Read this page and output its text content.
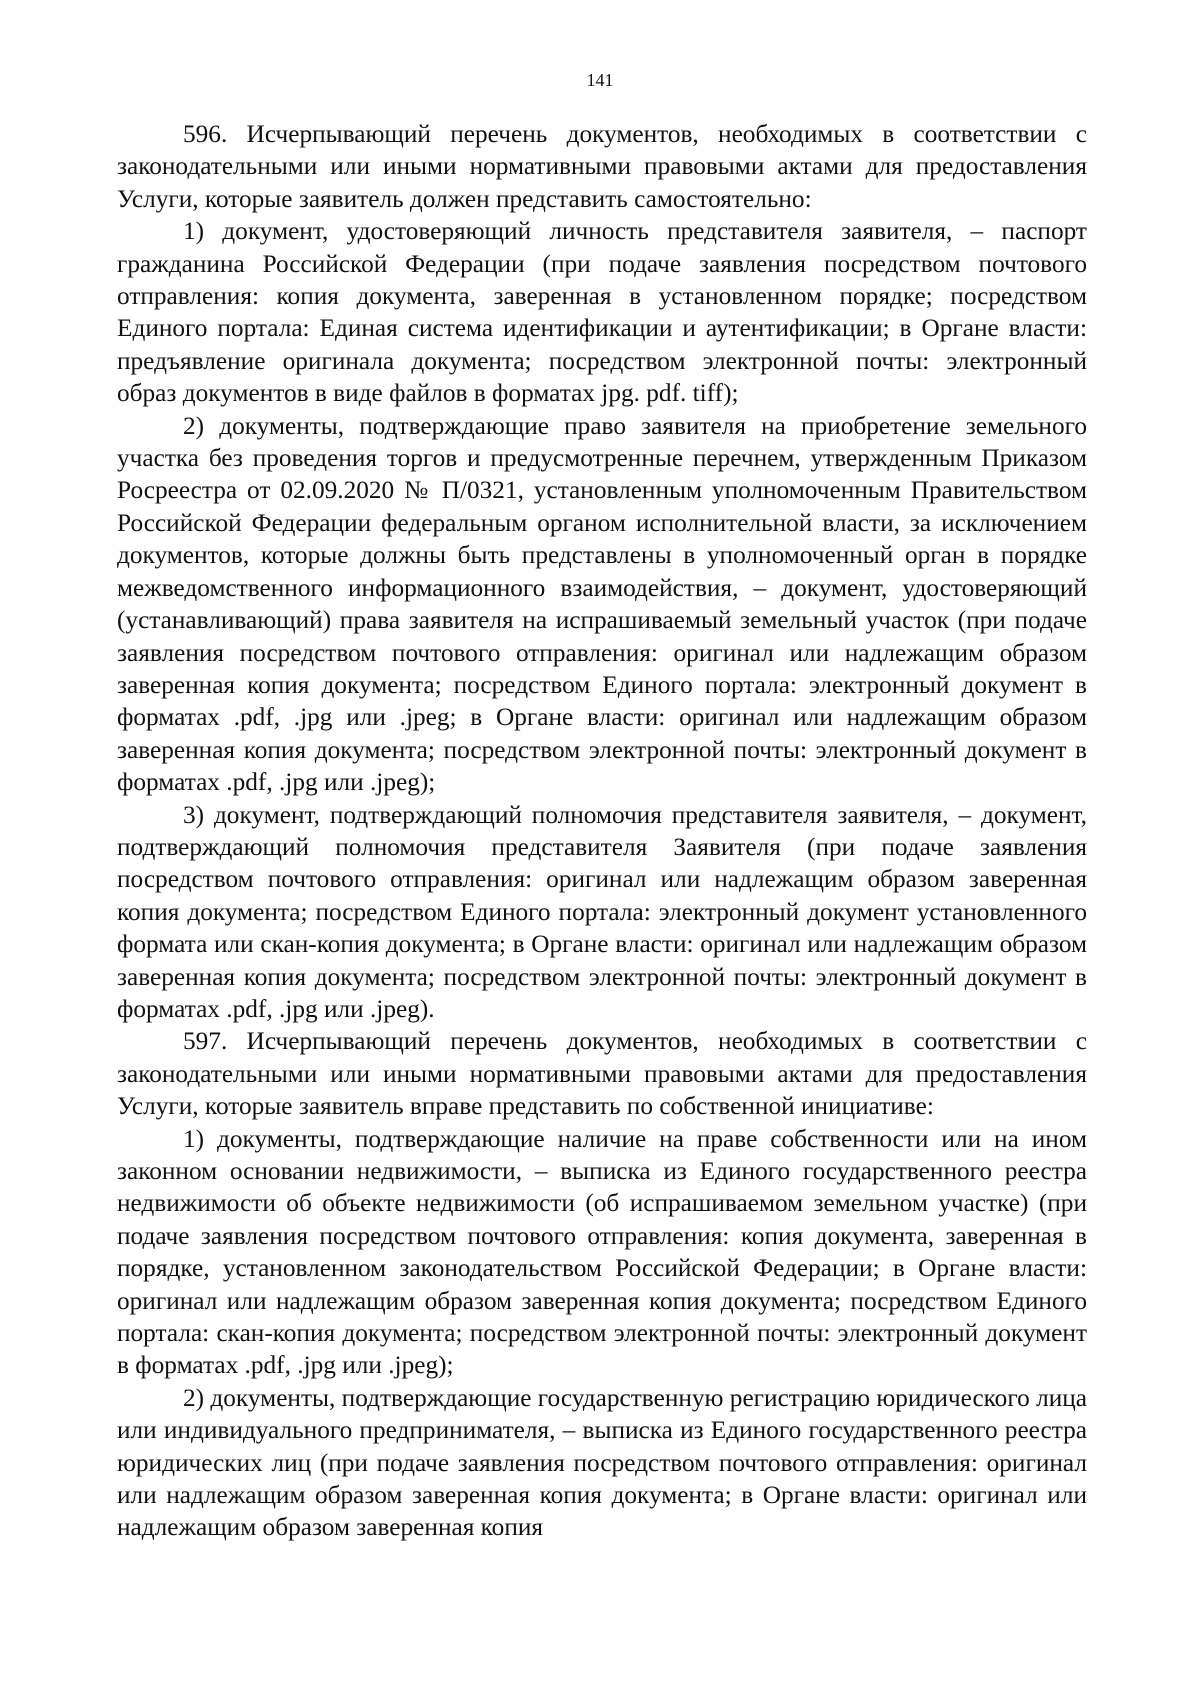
141

596. Исчерпывающий перечень документов, необходимых в соответствии с законодательными или иными нормативными правовыми актами для предоставления Услуги, которые заявитель должен представить самостоятельно:

1) документ, удостоверяющий личность представителя заявителя, – паспорт гражданина Российской Федерации (при подаче заявления посредством почтового отправления: копия документа, заверенная в установленном порядке; посредством Единого портала: Единая система идентификации и аутентификации; в Органе власти: предъявление оригинала документа; посредством электронной почты: электронный образ документов в виде файлов в форматах jpg. pdf. tiff);

2) документы, подтверждающие право заявителя на приобретение земельного участка без проведения торгов и предусмотренные перечнем, утвержденным Приказом Росреестра от 02.09.2020 № П/0321, установленным уполномоченным Правительством Российской Федерации федеральным органом исполнительной власти, за исключением документов, которые должны быть представлены в уполномоченный орган в порядке межведомственного информационного взаимодействия, – документ, удостоверяющий (устанавливающий) права заявителя на испрашиваемый земельный участок (при подаче заявления посредством почтового отправления: оригинал или надлежащим образом заверенная копия документа; посредством Единого портала: электронный документ в форматах .pdf, .jpg или .jpeg; в Органе власти: оригинал или надлежащим образом заверенная копия документа; посредством электронной почты: электронный документ в форматах .pdf, .jpg или .jpeg);

3) документ, подтверждающий полномочия представителя заявителя, – документ, подтверждающий полномочия представителя Заявителя (при подаче заявления посредством почтового отправления: оригинал или надлежащим образом заверенная копия документа; посредством Единого портала: электронный документ установленного формата или скан-копия документа; в Органе власти: оригинал или надлежащим образом заверенная копия документа; посредством электронной почты: электронный документ в форматах .pdf, .jpg или .jpeg).

597. Исчерпывающий перечень документов, необходимых в соответствии с законодательными или иными нормативными правовыми актами для предоставления Услуги, которые заявитель вправе представить по собственной инициативе:

1) документы, подтверждающие наличие на праве собственности или на ином законном основании недвижимости, – выписка из Единого государственного реестра недвижимости об объекте недвижимости (об испрашиваемом земельном участке) (при подаче заявления посредством почтового отправления: копия документа, заверенная в порядке, установленном законодательством Российской Федерации; в Органе власти: оригинал или надлежащим образом заверенная копия документа; посредством Единого портала: скан-копия документа; посредством электронной почты: электронный документ в форматах .pdf, .jpg или .jpeg);

2) документы, подтверждающие государственную регистрацию юридического лица или индивидуального предпринимателя, – выписка из Единого государственного реестра юридических лиц (при подаче заявления посредством почтового отправления: оригинал или надлежащим образом заверенная копия документа; в Органе власти: оригинал или надлежащим образом заверенная копия
